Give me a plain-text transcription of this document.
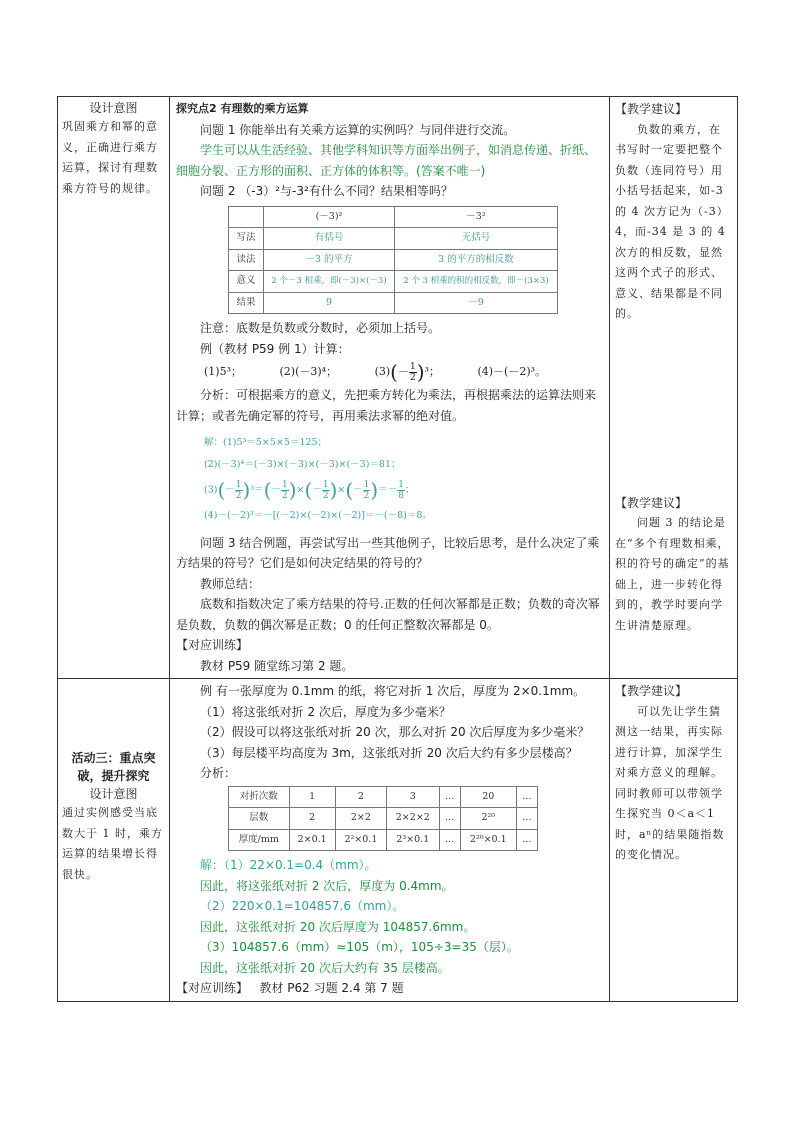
设计意图
巩固乘方和幂的意义，正确进行乘方运算，探讨有理数乘方符号的规律。

探究点2 有理数的乘方运算

问题 1 你能举出有关乘方运算的实例吗？与同伴进行交流。

学生可以从生活经验、其他学科知识等方面举出例子，如消息传递、折纸、细胞分裂、正方形的面积、正方体的体积等。(答案不唯一)

问题 2 （-3）²与-3²有什么不同？结果相等吗？

	(－3)²	－3²
写法	有括号	无括号
读法	－3 的平方	3 的平方的相反数
意义	2 个－3 相乘，即(－3)×(－3)	2 个 3 相乘的积的相反数，即－(3×3)
结果	9	－9

注意：底数是负数或分数时，必须加上括号。

例（教材 P59 例 1）计算：

(1)5³；	(2)(－3)⁴；	$(3)(- \frac{1}{2} )^3$；	(4)－(－2)³。

分析：可根据乘方的意义，先把乘方转化为乘法，再根据乘法的运算法则来计算；或者先确定幂的符号，再用乘法求幂的绝对值。

解：(1)5³＝5×5×5＝125；
(2)(－3)⁴＝(－3)×(－3)×(－3)×(－3)＝81；
$(3)(- \frac{1}{2} )^3=(- \frac{1}{2}$ )×(－ $\frac{1}{2}$ )×(－ $\frac{1}{2}$ )＝－ $\frac{1}{8}$ ；
(4)－(－2)³＝－[(－2)×(－2)×(－2)]＝－(－8)＝8。

问题 3 结合例题，再尝试写出一些其他例子，比较后思考，是什么决定了乘方结果的符号？它们是如何决定结果的符号的？

教师总结：

底数和指数决定了乘方结果的符号.正数的任何次幂都是正数；负数的奇次幂是负数，负数的偶次幂是正数；0 的任何正整数次幂都是 0。

【对应训练】

教材 P59 随堂练习第 2 题。

【教学建议】
负数的乘方，在书写时一定要把整个负数（连同符号）用小括号括起来，如-3 的 4 次方记为（-3）4，而-34 是 3 的 4 次方的相反数，显然这两个式子的形式、意义、结果都是不同的。
【教学建议】
问题 3 的结论是在“多个有理数相乘，积的符号的确定”的基础上，进一步转化得到的，教学时要向学生讲清楚原理。

活动三：重点突
破，提升探究
设计意图
通过实例感受当底数大于 1 时，乘方运算的结果增长得很快。

例 有一张厚度为 0.1mm 的纸，将它对折 1 次后，厚度为 2×0.1mm。

（1）将这张纸对折 2 次后，厚度为多少毫米？

（2）假设可以将这张纸对折 20 次，那么对折 20 次后厚度为多少毫米？

（3）每层楼平均高度为 3m，这张纸对折 20 次后大约有多少层楼高？

分析：

对折次数	1	2	3	…	20	…
层数	2	2×2	2×2×2	…	2²⁰	…
厚度/mm	2×0.1	2²×0.1	2³×0.1	…	2²⁰×0.1	…

解：（1）22×0.1=0.4（mm）。

因此，将这张纸对折 2 次后，厚度为 0.4mm。

（2）220×0.1=104857.6（mm）。

因此，这张纸对折 20 次后厚度为 104857.6mm。

（3）104857.6（mm）≈105（m），105÷3=35（层）。

因此，这张纸对折 20 次后大约有 35 层楼高。

【对应训练】 教材 P62 习题 2.4 第 7 题

【教学建议】
可以先让学生猜测这一结果，再实际进行计算，加深学生对乘方意义的理解。同时教师可以带领学生探究当 0＜a＜1 时，aⁿ的结果随指数的变化情况。
